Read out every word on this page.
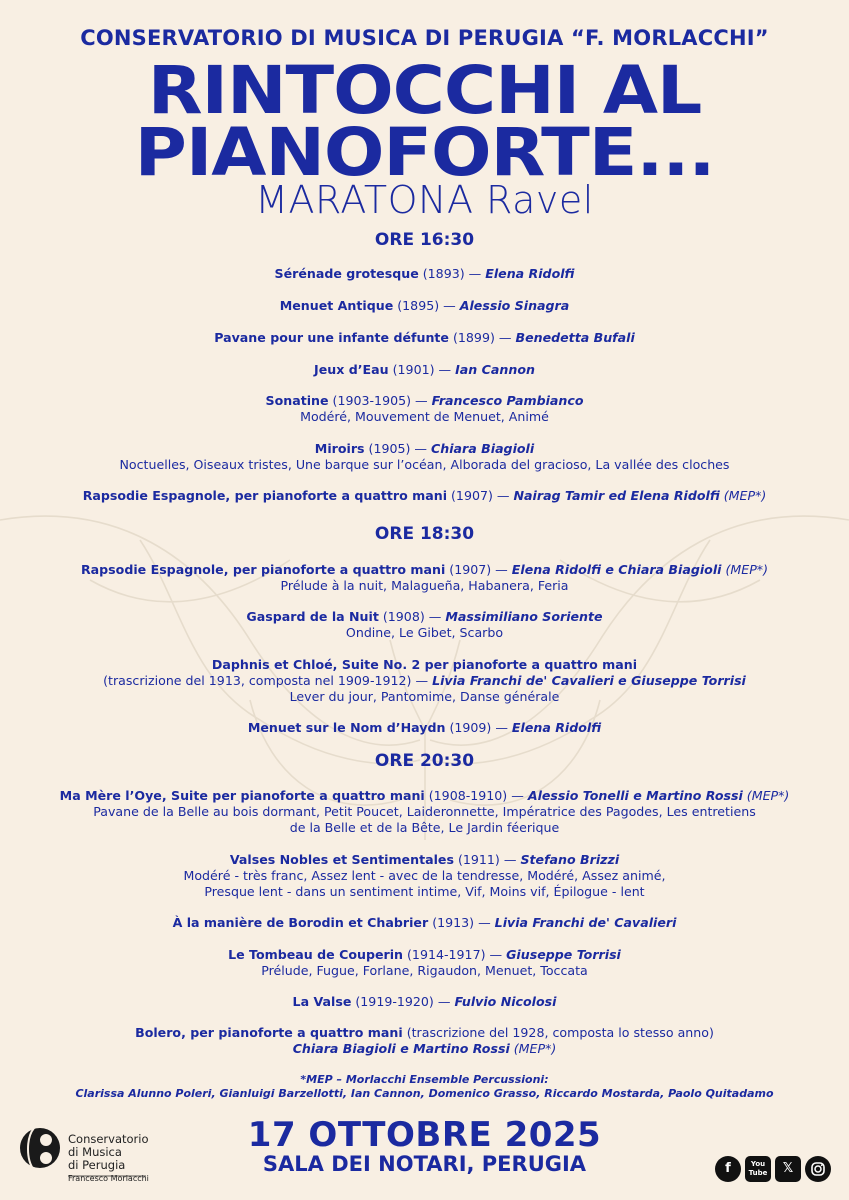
CONSERVATORIO DI MUSICA DI PERUGIA “F. MORLACCHI”
RINTOCCHI AL
PIANOFORTE...
MARATONA Ravel
ORE 16:30
Sérénade grotesque (1893) — Elena Ridolfi
Menuet Antique (1895) — Alessio Sinagra
Pavane pour une infante défunte (1899) — Benedetta Bufali
Jeux d’Eau (1901) — Ian Cannon
Sonatine (1903-1905) — Francesco Pambianco
Modéré, Mouvement de Menuet, Animé
Miroirs (1905) — Chiara Biagioli
Noctuelles, Oiseaux tristes, Une barque sur l’océan, Alborada del gracioso, La vallée des cloches
Rapsodie Espagnole, per pianoforte a quattro mani (1907) — Nairag Tamir ed Elena Ridolfi (MEP*)
ORE 18:30
Rapsodie Espagnole, per pianoforte a quattro mani (1907) — Elena Ridolfi e Chiara Biagioli (MEP*)
Prélude à la nuit, Malagueña, Habanera, Feria
Gaspard de la Nuit (1908) — Massimiliano Soriente
Ondine, Le Gibet, Scarbo
Daphnis et Chloé, Suite No. 2 per pianoforte a quattro mani
(trascrizione del 1913, composta nel 1909-1912) — Livia Franchi de' Cavalieri e Giuseppe Torrisi
Lever du jour, Pantomime, Danse générale
Menuet sur le Nom d’Haydn (1909) — Elena Ridolfi
ORE 20:30
Ma Mère l’Oye, Suite per pianoforte a quattro mani (1908-1910) — Alessio Tonelli e Martino Rossi (MEP*)
Pavane de la Belle au bois dormant, Petit Poucet, Laideronnette, Impératrice des Pagodes, Les entretiens
de la Belle et de la Bête, Le Jardin féerique
Valses Nobles et Sentimentales (1911) — Stefano Brizzi
Modéré - très franc, Assez lent - avec de la tendresse, Modéré, Assez animé,
Presque lent - dans un sentiment intime, Vif, Moins vif, Épilogue - lent
À la manière de Borodin et Chabrier (1913) — Livia Franchi de' Cavalieri
Le Tombeau de Couperin (1914-1917) — Giuseppe Torrisi
Prélude, Fugue, Forlane, Rigaudon, Menuet, Toccata
La Valse (1919-1920) — Fulvio Nicolosi
Bolero, per pianoforte a quattro mani (trascrizione del 1928, composta lo stesso anno)
Chiara Biagioli e Martino Rossi (MEP*)
*MEP – Morlacchi Ensemble Percussioni:
Clarissa Alunno Poleri, Gianluigi Barzellotti, Ian Cannon, Domenico Grasso, Riccardo Mostarda, Paolo Quitadamo
17 OTTOBRE 2025
SALA DEI NOTARI, PERUGIA
Conservatorio
di Musica
di Perugia
Francesco Morlacchi
f	You
Tube	𝕏
